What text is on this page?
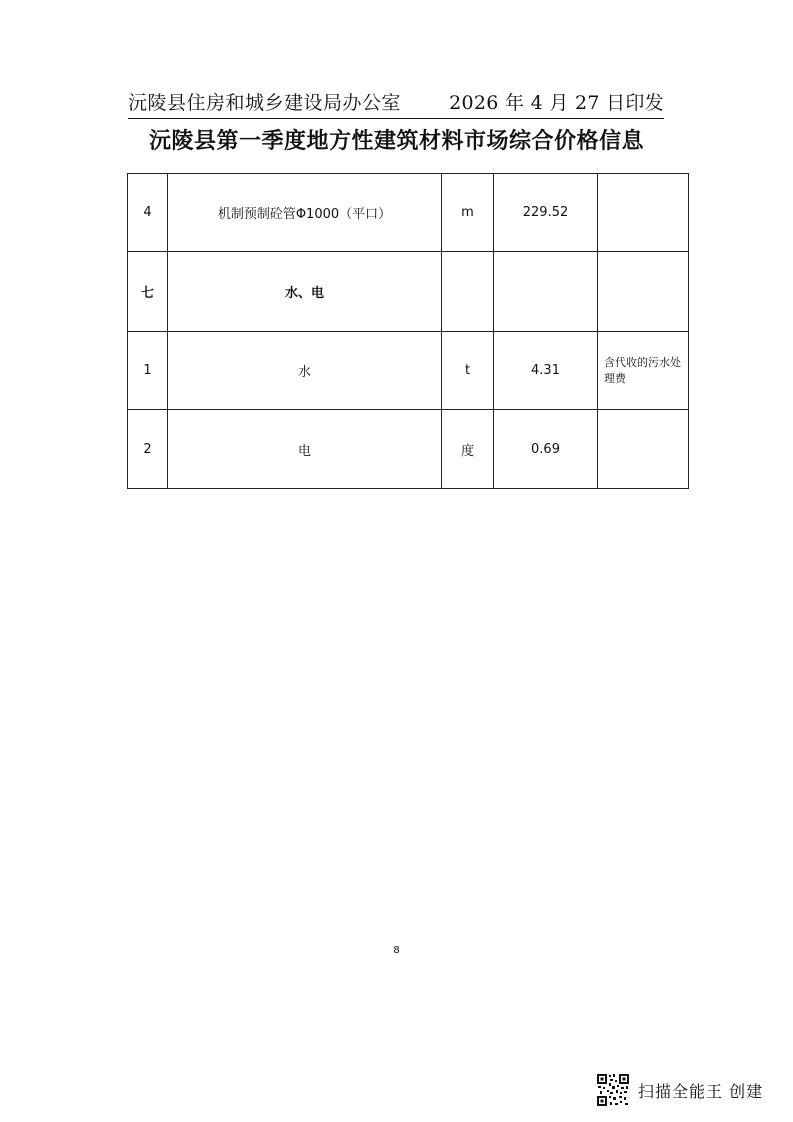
沅陵县住房和城乡建设局办公室	2026 年 4 月 27 日印发
沅陵县第一季度地方性建筑材料市场综合价格信息
4	机制预制砼管Φ1000（平口）	m	229.52	
七	水、电			
1	水	t	4.31	含代收的污水处理费
2	电	度	0.69	
8
扫描全能王 创建
